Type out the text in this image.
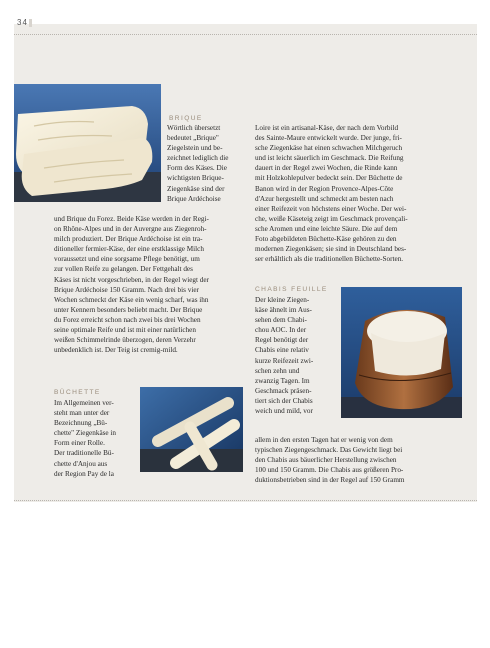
34
BRIQUE
BÜCHETTE
CHABIS FEUILLE
Wörtlich übersetzt
bedeutet „Brique"
Ziegelstein und be-
zeichnet lediglich die
Form des Käses. Die
wichtigsten Brique-
Ziegenkäse sind der
Brique Ardéchoise
und Brique du Forez. Beide Käse werden in der Regi-
on Rhône-Alpes und in der Auvergne aus Ziegenroh-
milch produziert. Der Brique Ardéchoise ist ein tra-
ditioneller fermier-Käse, der eine erstklassige Milch
voraussetzt und eine sorgsame Pflege benötigt, um
zur vollen Reife zu gelangen. Der Fettgehalt des
Käses ist nicht vorgeschrieben, in der Regel wiegt der
Brique Ardéchoise 150 Gramm. Nach drei bis vier
Wochen schmeckt der Käse ein wenig scharf, was ihn
unter Kennern besonders beliebt macht. Der Brique
du Forez erreicht schon nach zwei bis drei Wochen
seine optimale Reife und ist mit einer natürlichen
weißen Schimmelrinde überzogen, deren Verzehr
unbedenklich ist. Der Teig ist cremig-mild.
Im Allgemeinen ver-
steht man unter der
Bezeichnung „Bü-
chette" Ziegenkäse in
Form einer Rolle.
Der traditionelle Bü-
chette d'Anjou aus
der Region Pay de la
Loire ist ein artisanal-Käse, der nach dem Vorbild
des Sainte-Maure entwickelt wurde. Der junge, fri-
sche Ziegenkäse hat einen schwachen Milchgeruch
und ist leicht säuerlich im Geschmack. Die Reifung
dauert in der Regel zwei Wochen, die Rinde kann
mit Holzkohlepulver bedeckt sein. Der Büchette de
Banon wird in der Region Provence-Alpes-Côte
d'Azur hergestellt und schmeckt am besten nach
einer Reifezeit von höchstens einer Woche. Der wei-
che, weiße Käseteig zeigt im Geschmack provençali-
sche Aromen und eine leichte Säure. Die auf dem
Foto abgebildeten Büchette-Käse gehören zu den
modernen Ziegenkäsen; sie sind in Deutschland bes-
ser erhältlich als die traditionellen Büchette-Sorten.
Der kleine Ziegen-
käse ähnelt im Aus-
sehen dem Chabi-
chou AOC. In der
Regel benötigt der
Chabis eine relativ
kurze Reifezeit zwi-
schen zehn und
zwanzig Tagen. Im
Geschmack präsen-
tiert sich der Chabis
weich und mild, vor
allem in den ersten Tagen hat er wenig von dem
typischen Ziegengeschmack. Das Gewicht liegt bei
den Chabis aus bäuerlicher Herstellung zwischen
100 und 150 Gramm. Die Chabis aus größeren Pro-
duktionsbetrieben sind in der Regel auf 150 Gramm
